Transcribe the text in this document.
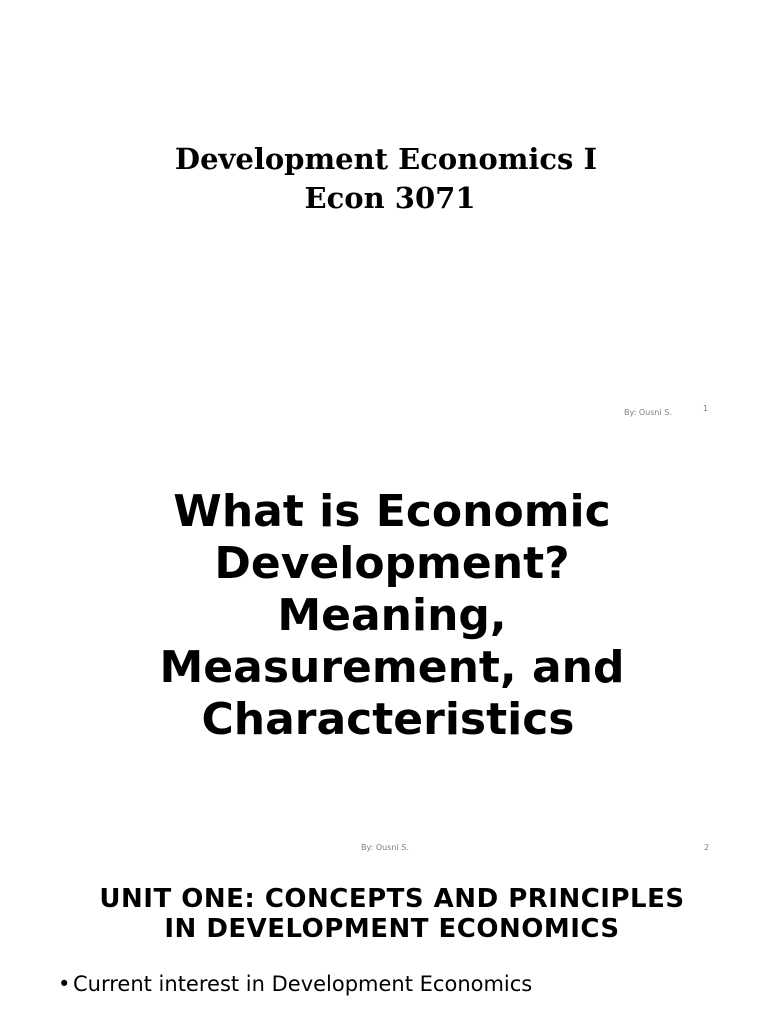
Development Economics I
Econ 3071
By: Ousni S.	1
What is Economic
Development?
Meaning,
Measurement, and
Characteristics
By: Ousni S.	2
UNIT ONE: CONCEPTS AND PRINCIPLES
IN DEVELOPMENT ECONOMICS
• Current interest in Development Economics
